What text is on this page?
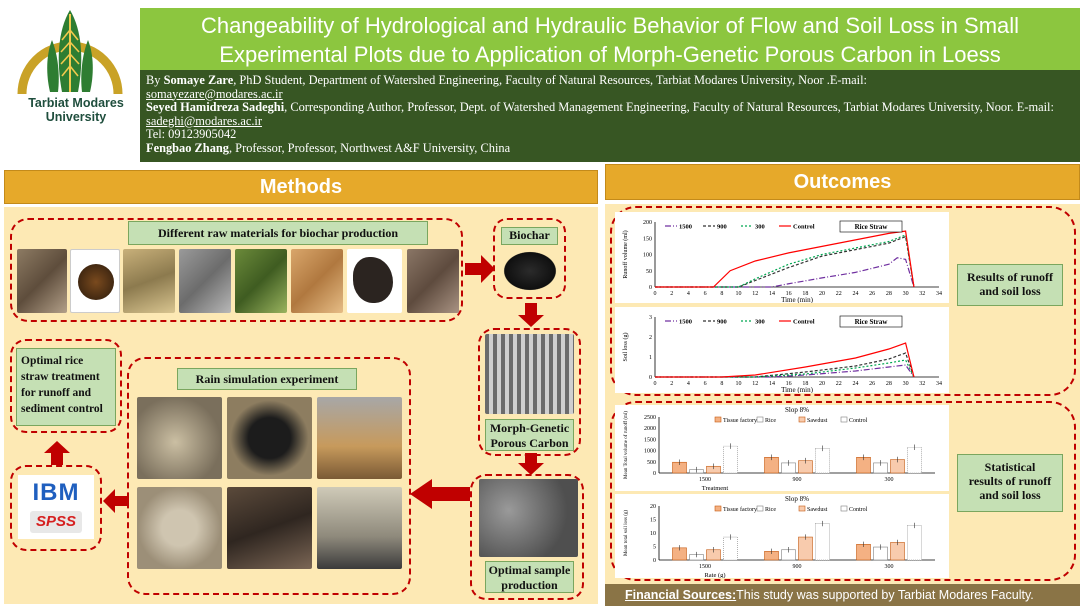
Tarbiat Modares
University
Changeability of Hydrological and Hydraulic Behavior of Flow and Soil Loss in Small
Experimental Plots due to Application of Morph-Genetic Porous Carbon in Loess
By Somaye Zare, PhD Student, Department of Watershed Engineering, Faculty of Natural Resources, Tarbiat Modares University, Noor .E-mail:
somayezare@modares.ac.ir
Seyed Hamidreza Sadeghi, Corresponding Author, Professor, Dept. of Watershed Management Engineering, Faculty of Natural Resources, Tarbiat Modares University, Noor. E-mail: sadeghi@modares.ac.ir
Tel: 09123905042
Fengbao Zhang, Professor, Professor, Northwest A&F University, China
Methods
Different raw materials for biochar production	Biochar
Morph-Genetic
Porous Carbon
Optimal sample
production
Rain simulation experiment
IBM
SPSS
Optimal rice
straw treatment
for runoff and
sediment control
Outcomes
0 2 4 6 8 10 12 14 16 18 20 22 24 26 28 30 32 34
0
50
100
150
200
Time (min)
Runoff volume (ml)
1500	900	300	Control	Rice Straw
0 2 4 6 8 10 12 14 16 18 20 22 24 26 28 30 32 34
0
1
2
3
Time (min)
Soil loss (g)
1500	900	300	Control	Rice Straw
0
500
1000
1500
2000
2500
Slop 8%
Treatment
Mean Total volume of runoff (ml)
1500	900	300
Tissue factory Rice	Sawdust	Control
0
5
10
15
20
Slop 8%
Rate (g)
Mean total soil loss (g)
1500	900	300
Tissue factory Rice	Sawdust	Control
Results of runoff
and soil loss
Statistical
results of runoff
and soil loss
Financial Sources:This study was supported by Tarbiat Modares Faculty.
